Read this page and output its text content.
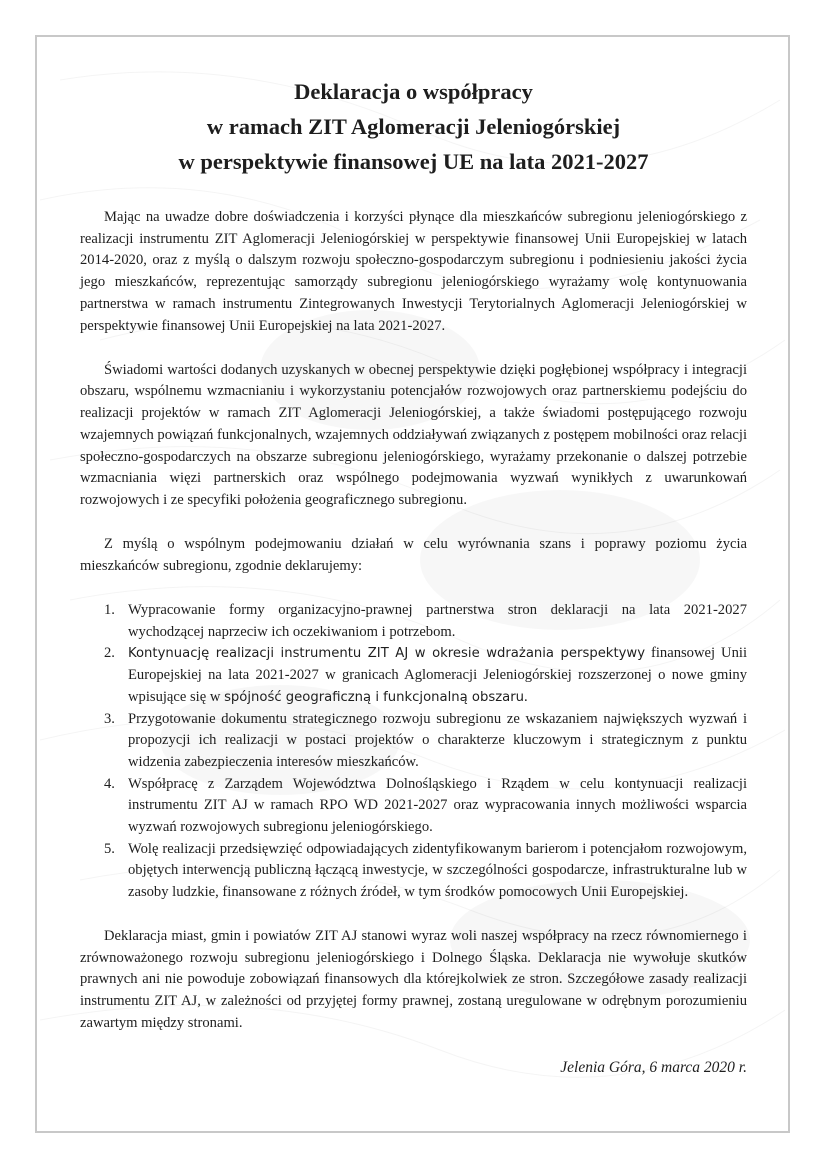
Deklaracja o współpracy
w ramach ZIT Aglomeracji Jeleniogórskiej
w perspektywie finansowej UE na lata 2021-2027

Mając na uwadze dobre doświadczenia i korzyści płynące dla mieszkańców subregionu jeleniogórskiego z realizacji instrumentu ZIT Aglomeracji Jeleniogórskiej w perspektywie finansowej Unii Europejskiej w latach 2014-2020, oraz z myślą o dalszym rozwoju społeczno-gospodarczym subregionu i podniesieniu jakości życia jego mieszkańców, reprezentując samorządy subregionu jeleniogórskiego wyrażamy wolę kontynuowania partnerstwa w ramach instrumentu Zintegrowanych Inwestycji Terytorialnych Aglomeracji Jeleniogórskiej w perspektywie finansowej Unii Europejskiej na lata 2021-2027.

Świadomi wartości dodanych uzyskanych w obecnej perspektywie dzięki pogłębionej współpracy i integracji obszaru, wspólnemu wzmacnianiu i wykorzystaniu potencjałów rozwojowych oraz partnerskiemu podejściu do realizacji projektów w ramach ZIT Aglomeracji Jeleniogórskiej, a także świadomi postępującego rozwoju wzajemnych powiązań funkcjonalnych, wzajemnych oddziaływań związanych z postępem mobilności oraz relacji społeczno-gospodarczych na obszarze subregionu jeleniogórskiego, wyrażamy przekonanie o dalszej potrzebie wzmacniania więzi partnerskich oraz wspólnego podejmowania wyzwań wynikłych z uwarunkowań rozwojowych i ze specyfiki położenia geograficznego subregionu.

Z myślą o wspólnym podejmowaniu działań w celu wyrównania szans i poprawy poziomu życia mieszkańców subregionu, zgodnie deklarujemy:

1. Wypracowanie formy organizacyjno-prawnej partnerstwa stron deklaracji na lata 2021-2027 wychodzącej naprzeciw ich oczekiwaniom i potrzebom.
2. Kontynuację realizacji instrumentu ZIT AJ w okresie wdrażania perspektywy finansowej Unii Europejskiej na lata 2021-2027 w granicach Aglomeracji Jeleniogórskiej rozszerzonej o nowe gminy wpisujące się w spójność geograficzną i funkcjonalną obszaru.
3. Przygotowanie dokumentu strategicznego rozwoju subregionu ze wskazaniem największych wyzwań i propozycji ich realizacji w postaci projektów o charakterze kluczowym i strategicznym z punktu widzenia zabezpieczenia interesów mieszkańców.
4. Współpracę z Zarządem Województwa Dolnośląskiego i Rządem w celu kontynuacji realizacji instrumentu ZIT AJ w ramach RPO WD 2021-2027 oraz wypracowania innych możliwości wsparcia wyzwań rozwojowych subregionu jeleniogórskiego.
5. Wolę realizacji przedsięwzięć odpowiadających zidentyfikowanym barierom i potencjałom rozwojowym, objętych interwencją publiczną łączącą inwestycje, w szczególności gospodarcze, infrastrukturalne lub w zasoby ludzkie, finansowane z różnych źródeł, w tym środków pomocowych Unii Europejskiej.

Deklaracja miast, gmin i powiatów ZIT AJ stanowi wyraz woli naszej współpracy na rzecz równomiernego i zrównoważonego rozwoju subregionu jeleniogórskiego i Dolnego Śląska. Deklaracja nie wywołuje skutków prawnych ani nie powoduje zobowiązań finansowych dla którejkolwiek ze stron. Szczegółowe zasady realizacji instrumentu ZIT AJ, w zależności od przyjętej formy prawnej, zostaną uregulowane w odrębnym porozumieniu zawartym między stronami.

Jelenia Góra, 6 marca 2020 r.
